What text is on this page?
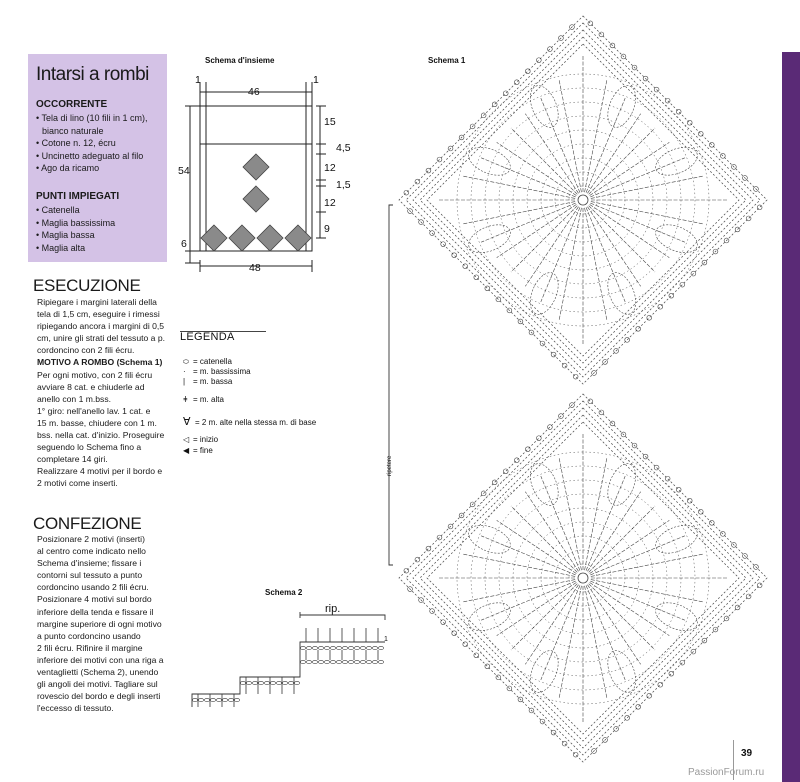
Intarsi a rombi
OCCORRENTE
• Tela di lino (10 fili in 1 cm),
bianco naturale
• Cotone n. 12, écru
• Uncinetto adeguato al filo
• Ago da ricamo
PUNTI IMPIEGATI
• Catenella
• Maglia bassissima
• Maglia bassa
• Maglia alta
ESECUZIONE
Ripiegare i margini laterali della
tela di 1,5 cm, eseguire i rimessi
ripiegando ancora i margini di 0,5
cm, unire gli strati del tessuto a p.
cordoncino con 2 fili écru.
MOTIVO A ROMBO (Schema 1)
Per ogni motivo, con 2 fili écru
avviare 8 cat. e chiuderle ad
anello con 1 m.bss.
1° giro: nell'anello lav. 1 cat. e
15 m. basse, chiudere con 1 m.
bss. nella cat. d'inizio. Proseguire
seguendo lo Schema fino a
completare 14 giri.
Realizzare 4 motivi per il bordo e
2 motivi come inserti.
CONFEZIONE
Posizionare 2 motivi (inserti)
al centro come indicato nello
Schema d'insieme; fissare i
contorni sul tessuto a punto
cordoncino usando 2 fili écru.
Posizionare 4 motivi sul bordo
inferiore della tenda e fissare il
margine superiore di ogni motivo
a punto cordoncino usando
2 fili écru. Rifinire il margine
inferiore dei motivi con una riga a
ventaglietti (Schema 2), unendo
gli angoli dei motivi. Tagliare sul
rovescio del bordo e degli inserti
l'eccesso di tessuto.
Schema d'insieme
1	1
46
54
6
48
15
4,5
12
1,5
12
9
LEGENDA
⬭ = catenella
· = m. bassissima
| = m. bassa
ǂ = m. alta
∀ = 2 m. alte nella stessa m. di base
◁ = inizio
◀ = fine
Schema 2
rip.
1
Schema 1
ripetere
39
PassionForum.ru
